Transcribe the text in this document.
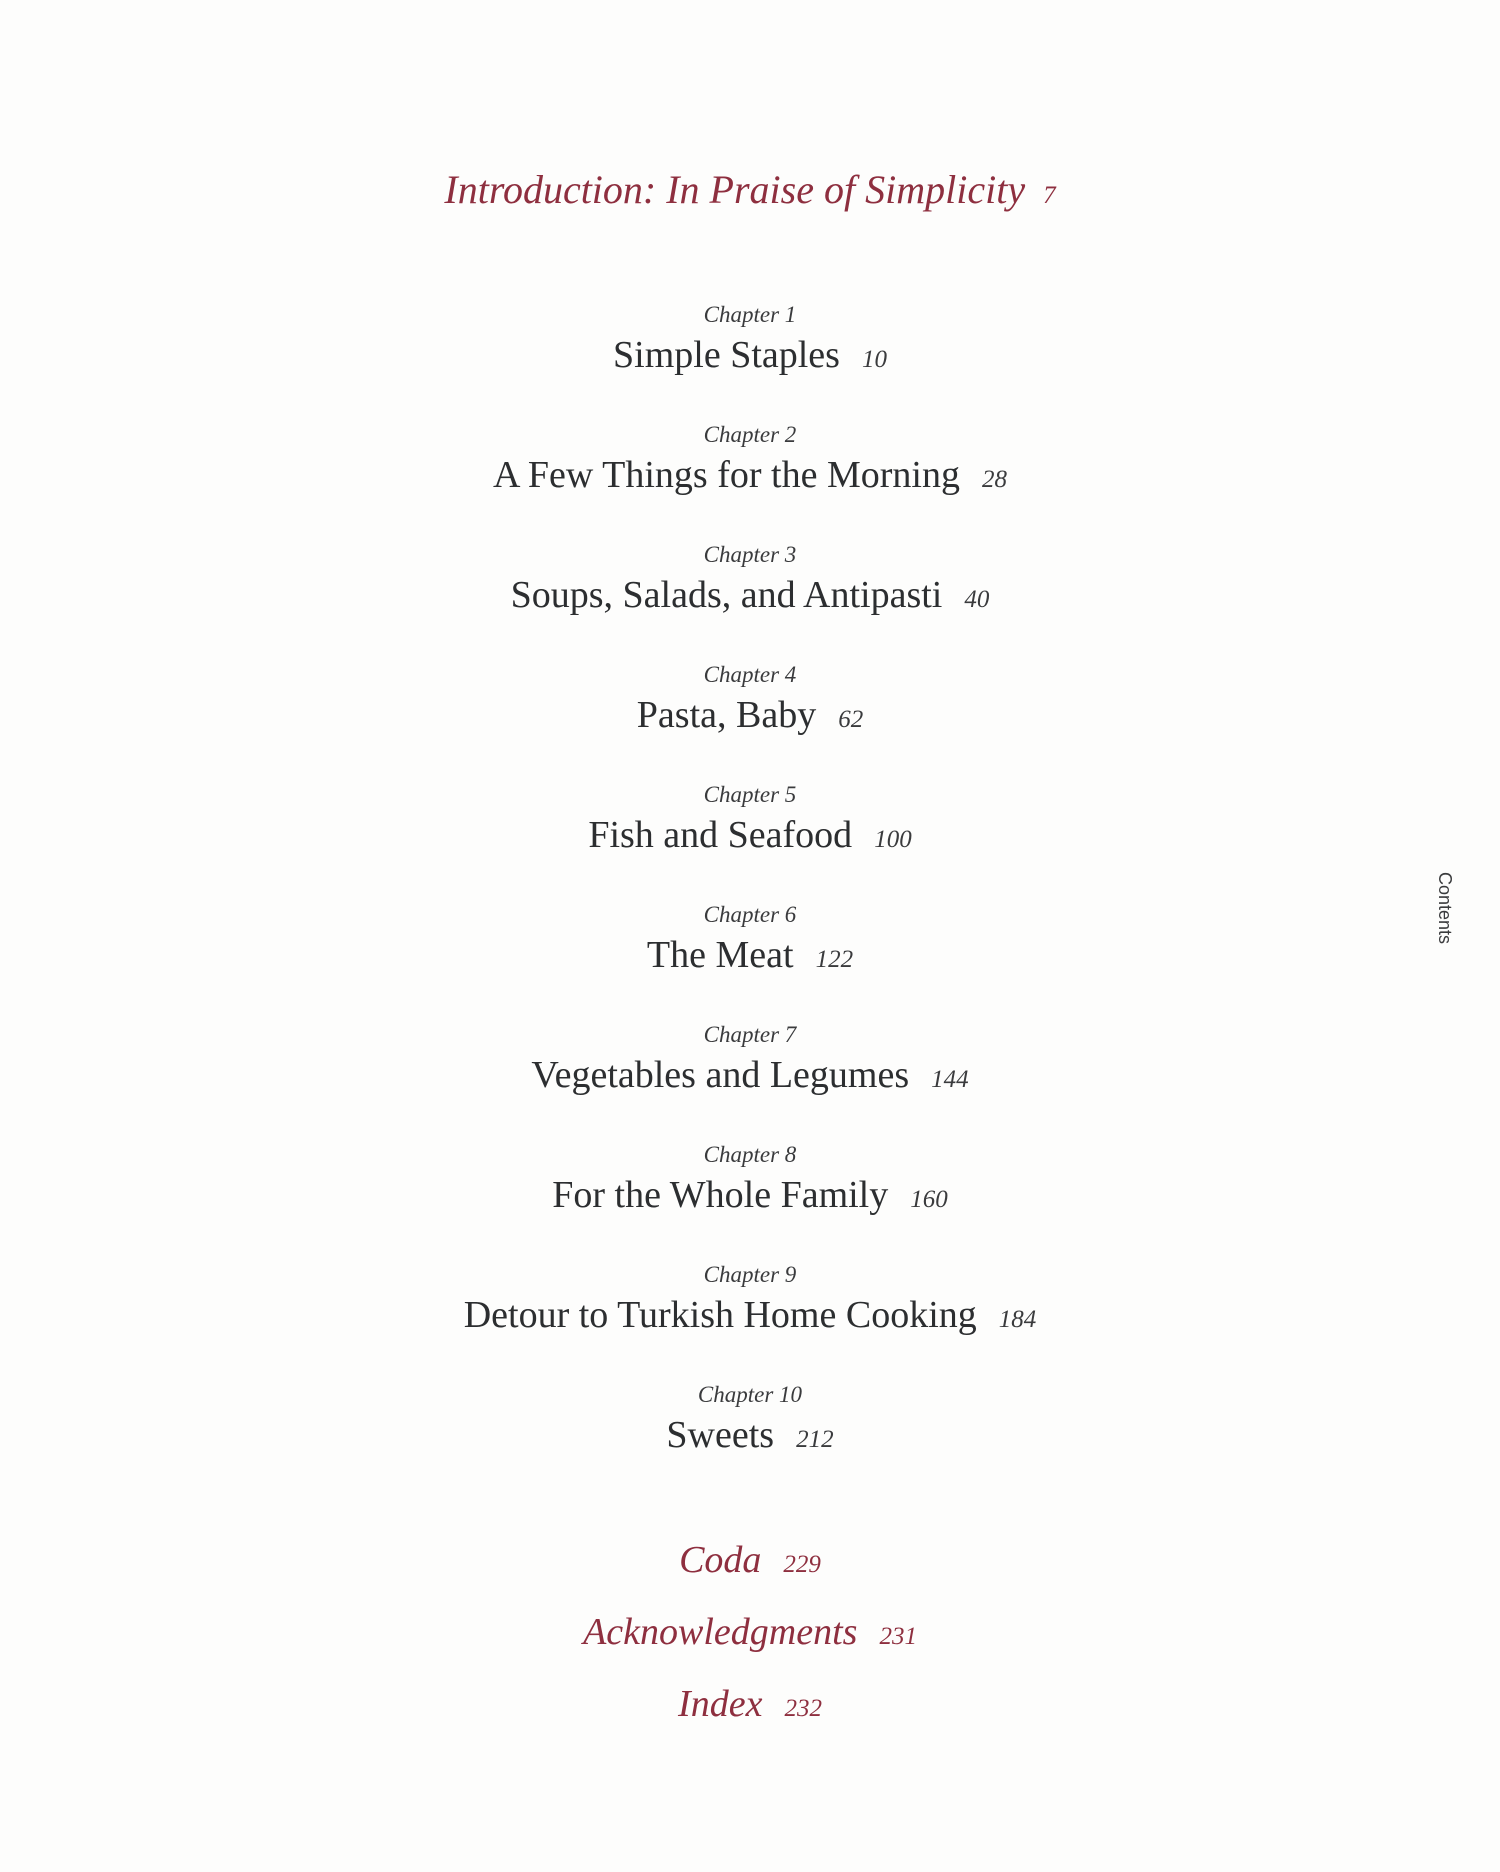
Introduction: In Praise of Simplicity 7
Chapter 1
Simple Staples 10
Chapter 2
A Few Things for the Morning 28
Chapter 3
Soups, Salads, and Antipasti 40
Chapter 4
Pasta, Baby 62
Chapter 5
Fish and Seafood 100
Chapter 6
The Meat 122
Chapter 7
Vegetables and Legumes 144
Chapter 8
For the Whole Family 160
Chapter 9
Detour to Turkish Home Cooking 184
Chapter 10
Sweets 212
Coda 229
Acknowledgments 231
Index 232
Contents
